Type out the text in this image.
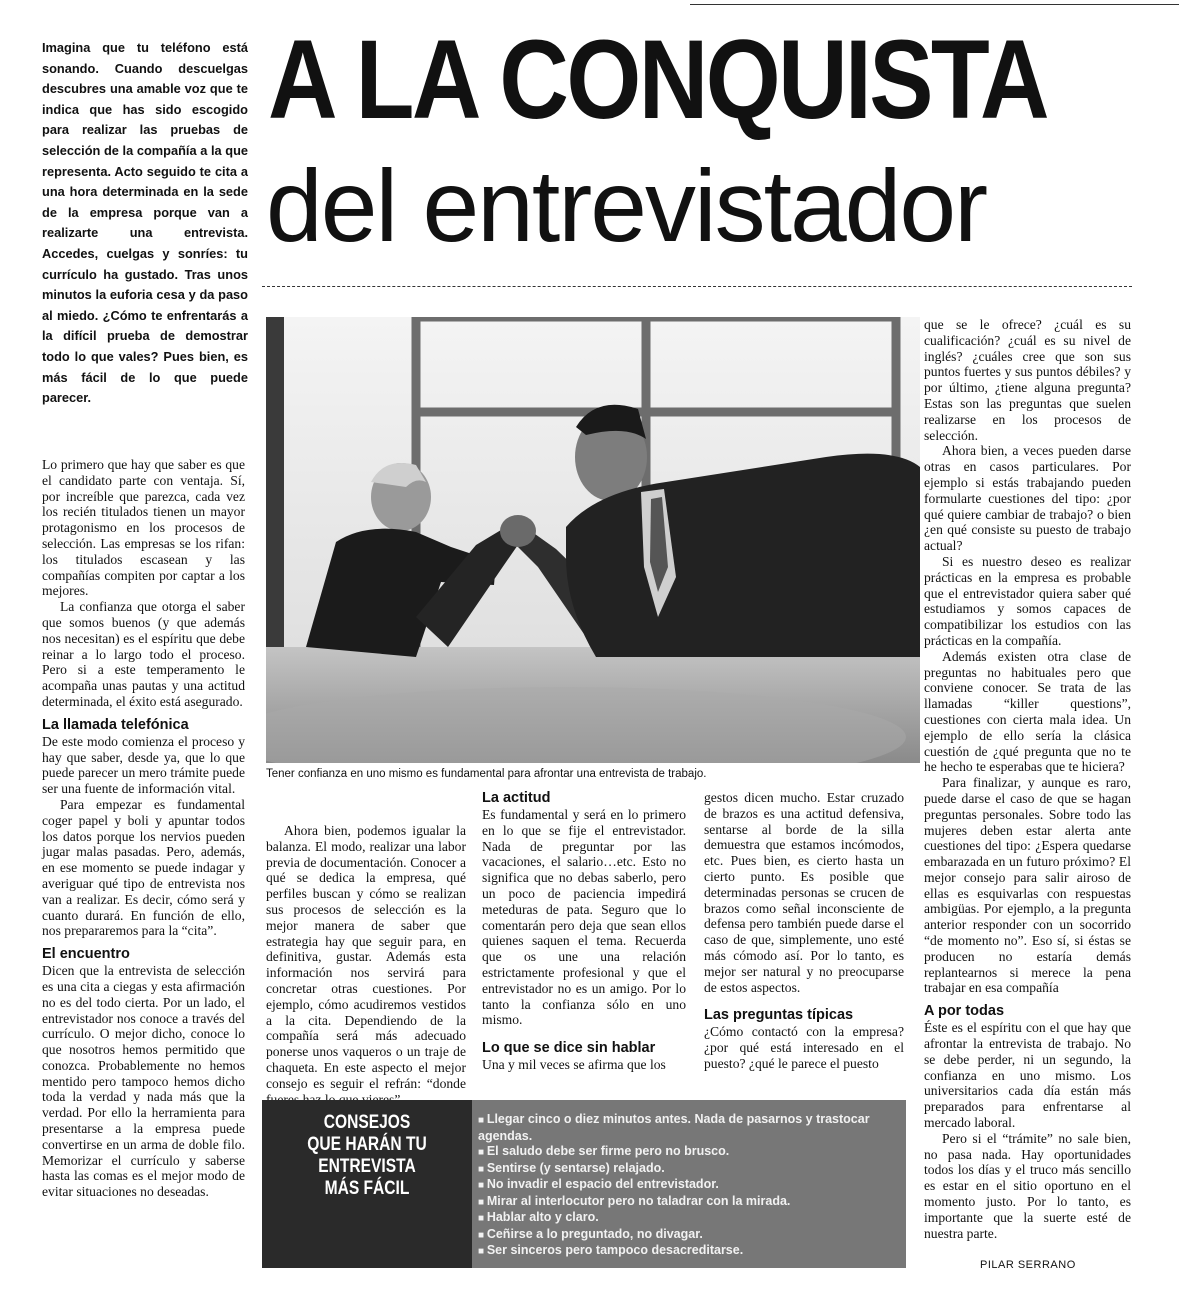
Imagina que tu teléfono está sonando. Cuando descuelgas descubres una amable voz que te indica que has sido escogido para realizar las pruebas de selección de la compañía a la que representa. Acto seguido te cita a una hora determinada en la sede de la empresa porque van a realizarte una entrevista. Accedes, cuelgas y sonríes: tu currículo ha gustado. Tras unos minutos la euforia cesa y da paso al miedo. ¿Cómo te enfrentarás a la difícil prueba de demostrar todo lo que vales? Pues bien, es más fácil de lo que puede parecer.
A LA CONQUISTA
del entrevistador
Tener confianza en uno mismo es fundamental para afrontar una entrevista de trabajo.

Lo primero que hay que saber es que el candidato parte con ventaja. Sí, por increíble que parezca, cada vez los recién titulados tienen un mayor protagonismo en los procesos de selección. Las empresas se los rifan: los titulados escasean y las compañías compiten por captar a los mejores.

La confianza que otorga el saber que somos buenos (y que además nos necesitan) es el espíritu que debe reinar a lo largo todo el proceso. Pero si a este temperamento le acompaña unas pautas y una actitud determinada, el éxito está asegurado.

La llamada telefónica

De este modo comienza el proceso y hay que saber, desde ya, que lo que puede parecer un mero trámite puede ser una fuente de información vital.

Para empezar es fundamental coger papel y boli y apuntar todos los datos porque los nervios pueden jugar malas pasadas. Pero, además, en ese momento se puede indagar y averiguar qué tipo de entrevista nos van a realizar. Es decir, cómo será y cuanto durará. En función de ello, nos prepararemos para la “cita”.

El encuentro

Dicen que la entrevista de selección es una cita a ciegas y esta afirmación no es del todo cierta. Por un lado, el entrevistador nos conoce a través del currículo. O mejor dicho, conoce lo que nosotros hemos permitido que conozca. Probablemente no hemos mentido pero tampoco hemos dicho toda la verdad y nada más que la verdad. Por ello la herramienta para presentarse a la empresa puede convertirse en un arma de doble filo. Memorizar el currículo y saberse hasta las comas es el mejor modo de evitar situaciones no deseadas.

Ahora bien, podemos igualar la balanza. El modo, realizar una labor previa de documentación. Conocer a qué se dedica la empresa, qué perfiles buscan y cómo se realizan sus procesos de selección es la mejor manera de saber que estrategia hay que seguir para, en definitiva, gustar. Además esta información nos servirá para concretar otras cuestiones. Por ejemplo, cómo acudiremos vestidos a la cita. Dependiendo de la compañía será más adecuado ponerse unos vaqueros o un traje de chaqueta. En este aspecto el mejor consejo es seguir el refrán: “donde

La actitud

Es fundamental y será en lo primero en lo que se fije el entrevistador. Nada de preguntar por las vacaciones, el salario…etc. Esto no significa que no debas saberlo, pero un poco de paciencia impedirá meteduras de pata. Seguro que lo comentarán pero deja que sean ellos quienes saquen el tema. Recuerda que os une una relación estrictamente profesional y que el entrevistador no es un amigo. Por lo tanto la confianza sólo en uno mismo.

Lo que se dice sin hablar

Una y mil veces se afirma que los

gestos dicen mucho. Estar cruzado de brazos es una actitud defensiva, sentarse al borde de la silla demuestra que estamos incómodos, etc. Pues bien, es cierto hasta un cierto punto. Es posible que determinadas personas se crucen de brazos como señal inconsciente de defensa pero también puede darse el caso de que, simplemente, uno esté más cómodo así. Por lo tanto, es mejor ser natural y no preocuparse de estos aspectos.

Las preguntas típicas

¿Cómo contactó con la empresa? ¿por qué está interesado en el puesto? ¿qué le parece el puesto

que se le ofrece? ¿cuál es su cualificación? ¿cuál es su nivel de inglés? ¿cuáles cree que son sus puntos fuertes y sus puntos débiles? y por último, ¿tiene alguna pregunta? Estas son las preguntas que suelen realizarse en los procesos de selección.

Ahora bien, a veces pueden darse otras en casos particulares. Por ejemplo si estás trabajando pueden formularte cuestiones del tipo: ¿por qué quiere cambiar de trabajo? o bien ¿en qué consiste su puesto de trabajo actual?

Si es nuestro deseo es realizar prácticas en la empresa es probable que el entrevistador quiera saber qué estudiamos y somos capaces de compatibilizar los estudios con las prácticas en la compañía.

Además existen otra clase de preguntas no habituales pero que conviene conocer. Se trata de las llamadas “killer questions”, cuestiones con cierta mala idea. Un ejemplo de ello sería la clásica cuestión de ¿qué pregunta que no te he hecho te esperabas que te hiciera?

Para finalizar, y aunque es raro, puede darse el caso de que se hagan preguntas personales. Sobre todo las mujeres deben estar alerta ante cuestiones del tipo: ¿Espera quedarse embarazada en un futuro próximo? El mejor consejo para salir airoso de ellas es esquivarlas con respuestas ambigüas. Por ejemplo, a la pregunta anterior responder con un socorrido “de momento no”. Eso sí, si éstas se producen no estaría demás replantearnos si merece la pena trabajar en esa compañía

A por todas

Éste es el espíritu con el que hay que afrontar la entrevista de trabajo. No se debe perder, ni un segundo, la confianza en uno mismo. Los universitarios cada día están más preparados para enfrentarse al mercado laboral.

Pero si el “trámite” no sale bien, no pasa nada. Hay oportunidades todos los días y el truco más sencillo es estar en el sitio oportuno en el momento justo. Por lo tanto, es importante que la suerte esté de nuestra parte.

CONSEJOS
QUE HARÁN TU
ENTREVISTA
MÁS FÁCIL
■ Llegar cinco o diez minutos antes. Nada de pasarnos y trastocar agendas.
■ El saludo debe ser firme pero no brusco.
■ Sentirse (y sentarse) relajado.
■ No invadir el espacio del entrevistador.
■ Mirar al interlocutor pero no taladrar con la mirada.
■ Hablar alto y claro.
■ Ceñirse a lo preguntado, no divagar.
■ Ser sinceros pero tampoco desacreditarse.
PILAR SERRANO
